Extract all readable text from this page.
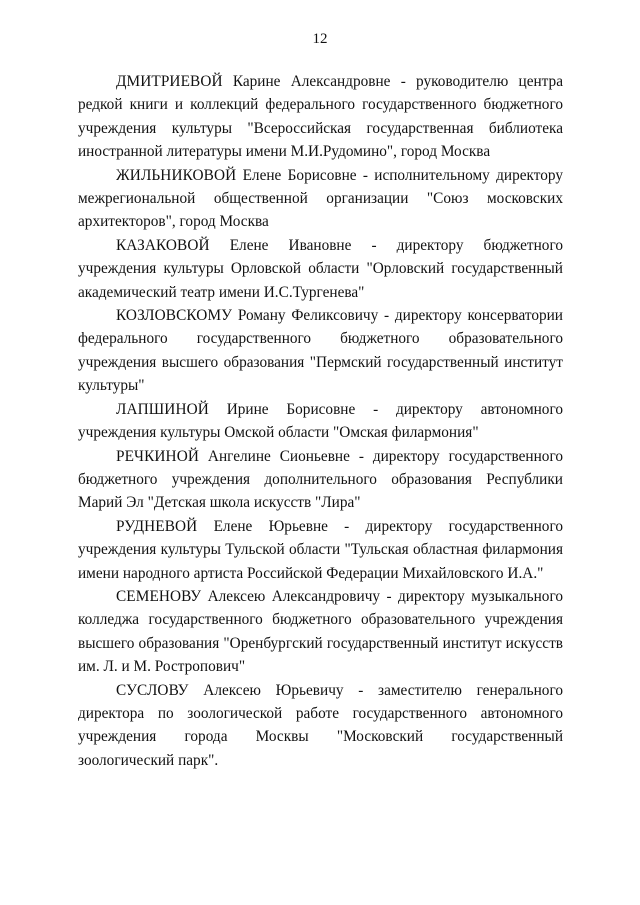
12

ДМИТРИЕВОЙ Карине Александровне - руководителю центра редкой книги и коллекций федерального государственного бюджетного учреждения культуры "Всероссийская государственная библиотека иностранной литературы имени М.И.Рудомино", город Москва

ЖИЛЬНИКОВОЙ Елене Борисовне - исполнительному директору межрегиональной общественной организации "Союз московских архитекторов", город Москва

КАЗАКОВОЙ Елене Ивановне - директору бюджетного учреждения культуры Орловской области "Орловский государственный академический театр имени И.С.Тургенева"

КОЗЛОВСКОМУ Роману Феликсовичу - директору консерватории федерального государственного бюджетного образовательного учреждения высшего образования "Пермский государственный институт культуры"

ЛАПШИНОЙ Ирине Борисовне - директору автономного учреждения культуры Омской области "Омская филармония"

РЕЧКИНОЙ Ангелине Сионьевне - директору государственного бюджетного учреждения дополнительного образования Республики Марий Эл "Детская школа искусств "Лира"

РУДНЕВОЙ Елене Юрьевне - директору государственного учреждения культуры Тульской области "Тульская областная филармония имени народного артиста Российской Федерации Михайловского И.А."

СЕМЕНОВУ Алексею Александровичу - директору музыкального колледжа государственного бюджетного образовательного учреждения высшего образования "Оренбургский государственный институт искусств им. Л. и М. Ростропович"

СУСЛОВУ Алексею Юрьевичу - заместителю генерального директора по зоологической работе государственного автономного учреждения города Москвы "Московский государственный зоологический парк".
